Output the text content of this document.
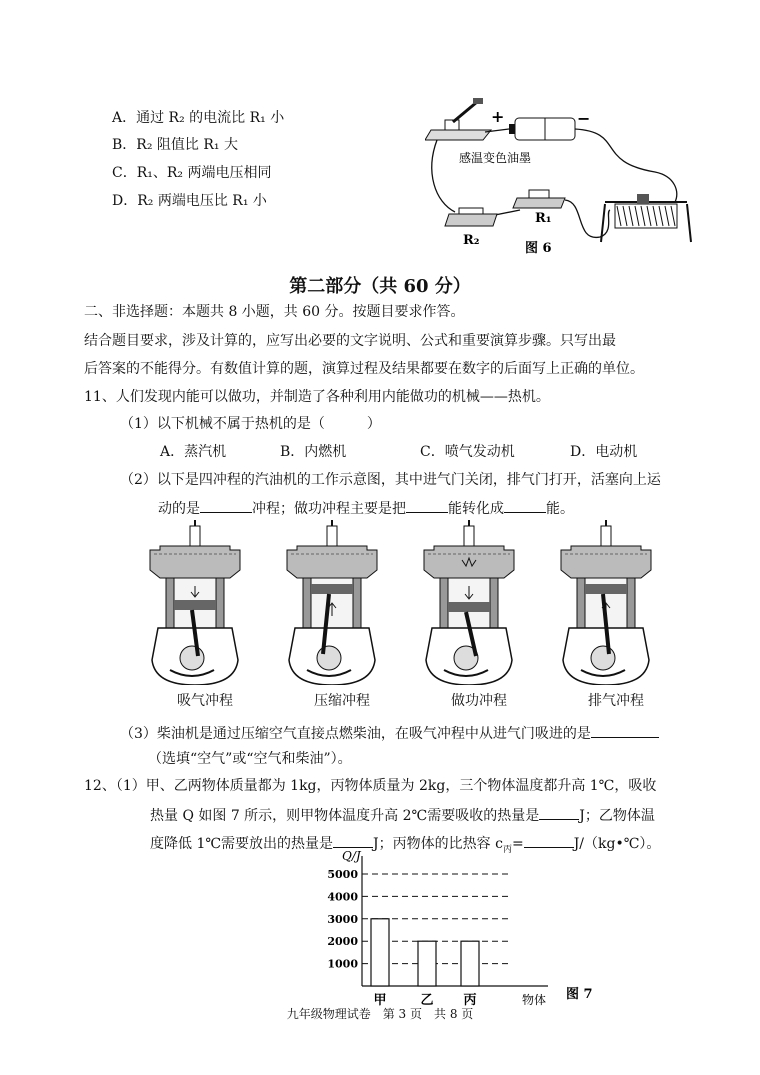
A．通过 R₂ 的电流比 R₁ 小
B．R₂ 阻值比 R₁ 大
C．R₁、R₂ 两端电压相同
D．R₂ 两端电压比 R₁ 小
+	−
感温变色油墨
R₁
R₂
图 6
第二部分（共 60 分）
二、非选择题：本题共 8 小题，共 60 分。按题目要求作答。
结合题目要求，涉及计算的，应写出必要的文字说明、公式和重要演算步骤。只写出最
后答案的不能得分。有数值计算的题，演算过程及结果都要在数字的后面写上正确的单位。
11、人们发现内能可以做功，并制造了各种利用内能做功的机械——热机。
（1）以下机械不属于热机的是（　　　）
A．蒸汽机	B．内燃机	C．喷气发动机	D．电动机
（2）以下是四冲程的汽油机的工作示意图，其中进气门关闭，排气门打开，活塞向上运
动的是	冲程；做功冲程主要是把	能转化成	能。
吸气冲程	压缩冲程	做功冲程	排气冲程
（3）柴油机是通过压缩空气直接点燃柴油，在吸气冲程中从进气门吸进的是
（选填“空气”或“空气和柴油”）。
12、（1）甲、乙两物体质量都为 1kg，丙物体质量为 2kg，三个物体温度都升高 1℃，吸收
热量 Q 如图 7 所示，则甲物体温度升高 2℃需要吸收的热量是	J；乙物体温
度降低 1℃需要放出的热量是	J；丙物体的比热容 $c_丙=$	J/（kg•℃）。
Q/J
1000
2000
3000
4000
5000
甲	乙 丙	物体 图 7
九年级物理试卷　第 3 页　共 8 页
